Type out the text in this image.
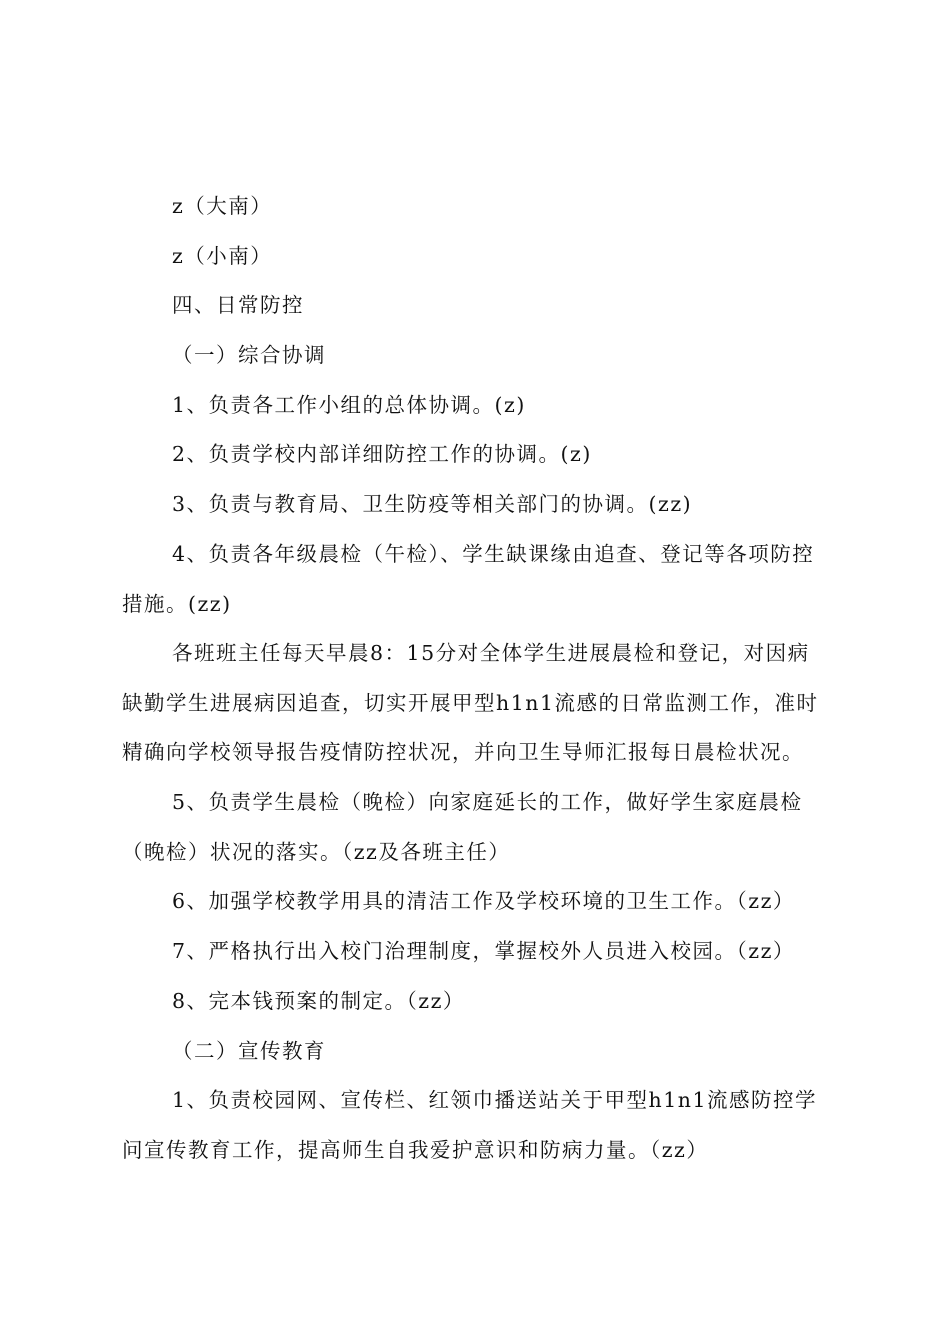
z（大南）
z（小南）
四、日常防控
（一）综合协调
1、负责各工作小组的总体协调。(z)
2、负责学校内部详细防控工作的协调。(z)
3、负责与教育局、卫生防疫等相关部门的协调。(zz)
4、负责各年级晨检（午检）、学生缺课缘由追查、登记等各项防控
措施。(zz)
各班班主任每天早晨8：15分对全体学生进展晨检和登记，对因病
缺勤学生进展病因追查，切实开展甲型h1n1流感的日常监测工作，准时
精确向学校领导报告疫情防控状况，并向卫生导师汇报每日晨检状况。
5、负责学生晨检（晚检）向家庭延长的工作，做好学生家庭晨检
（晚检）状况的落实。（zz及各班主任）
6、加强学校教学用具的清洁工作及学校环境的卫生工作。（zz）
7、严格执行出入校门治理制度，掌握校外人员进入校园。（zz）
8、完本钱预案的制定。（zz）
（二）宣传教育
1、负责校园网、宣传栏、红领巾播送站关于甲型h1n1流感防控学
问宣传教育工作，提高师生自我爱护意识和防病力量。（zz）
